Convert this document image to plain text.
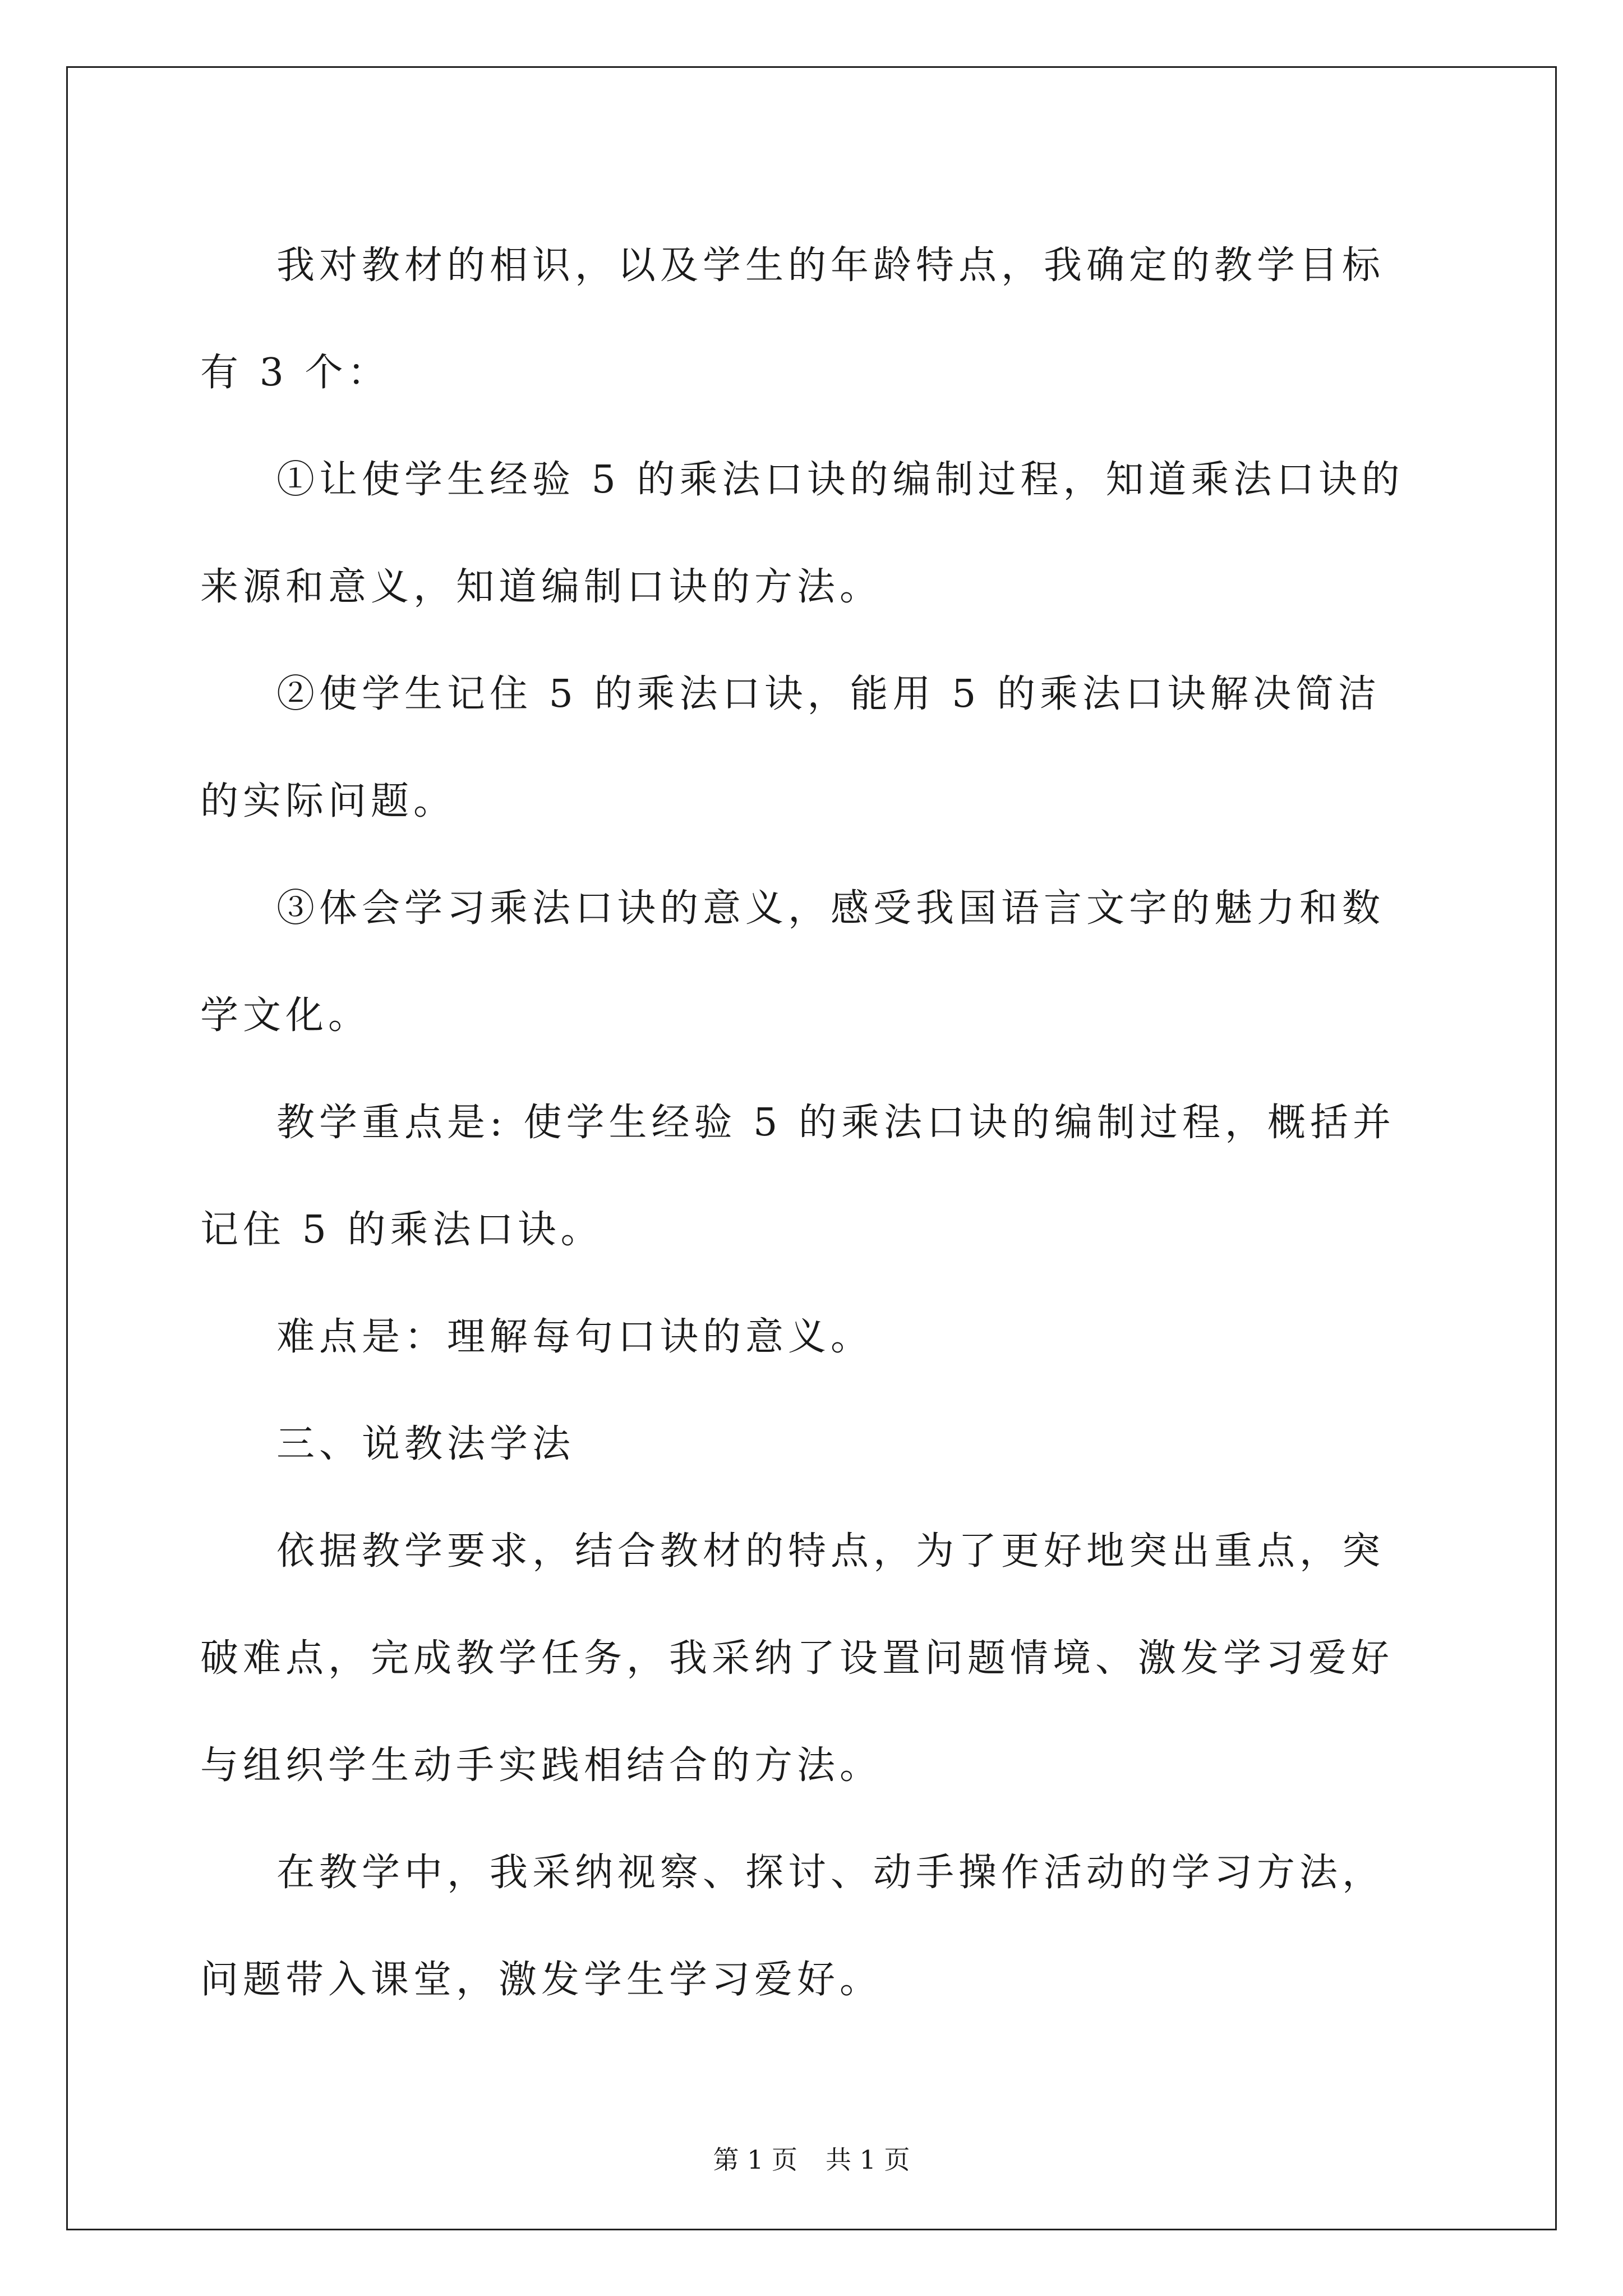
我对教材的相识，以及学生的年龄特点，我确定的教学目标有 3 个：

①让使学生经验 5 的乘法口诀的编制过程，知道乘法口诀的来源和意义，知道编制口诀的方法。

②使学生记住 5 的乘法口诀，能用 5 的乘法口诀解决简洁的实际问题。

③体会学习乘法口诀的意义，感受我国语言文字的魅力和数学文化。

教学重点是: 使学生经验 5 的乘法口诀的编制过程，概括并记住 5 的乘法口诀。

难点是：理解每句口诀的意义。

三、说教法学法

依据教学要求，结合教材的特点，为了更好地突出重点，突破难点，完成教学任务，我采纳了设置问题情境、激发学习爱好与组织学生动手实践相结合的方法。

在教学中，我采纳视察、探讨、动手操作活动的学习方法，问题带入课堂，激发学生学习爱好。

第 1 页 共 1 页
